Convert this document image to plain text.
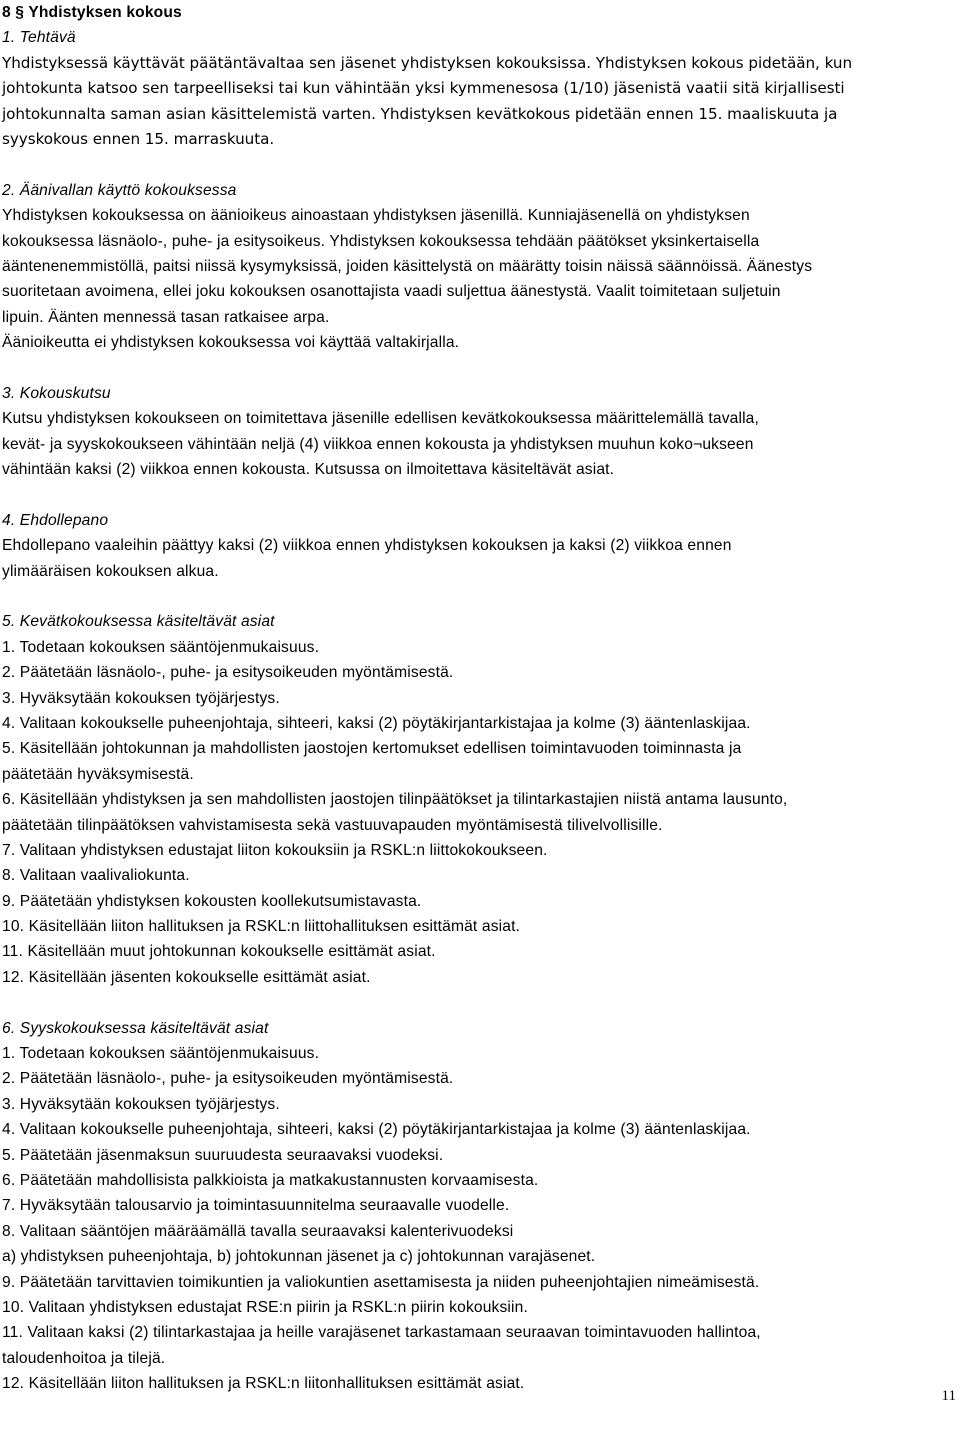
8 § Yhdistyksen kokous
1. Tehtävä
Yhdistyksessä käyttävät päätäntävaltaa sen jäsenet yhdistyksen kokouksissa. Yhdistyksen kokous pidetään, kun
johtokunta katsoo sen tarpeelliseksi tai kun vähintään yksi kymmenesosa (1/10) jäsenistä vaatii sitä kirjallisesti
johtokunnalta saman asian käsittelemistä varten. Yhdistyksen kevätkokous pidetään ennen 15. maaliskuuta ja
syyskokous ennen 15. marraskuuta.
2. Äänivallan käyttö kokouksessa
Yhdistyksen kokouksessa on äänioikeus ainoastaan yhdistyksen jäsenillä. Kunniajäsenellä on yhdistyksen
kokouksessa läsnäolo-, puhe- ja esitysoikeus. Yhdistyksen kokouksessa tehdään päätökset yksinkertaisella
ääntenenemmistöllä, paitsi niissä kysymyksissä, joiden käsittelystä on määrätty toisin näissä säännöissä. Äänestys
suoritetaan avoimena, ellei joku kokouksen osanottajista vaadi suljettua äänestystä. Vaalit toimitetaan suljetuin
lipuin. Äänten mennessä tasan ratkaisee arpa.
Äänioikeutta ei yhdistyksen kokouksessa voi käyttää valtakirjalla.
3. Kokouskutsu
Kutsu yhdistyksen kokoukseen on toimitettava jäsenille edellisen kevätkokouksessa määrittelemällä tavalla,
kevät- ja syyskokoukseen vähintään neljä (4) viikkoa ennen kokousta ja yhdistyksen muuhun koko¬ukseen
vähintään kaksi (2) viikkoa ennen kokousta. Kutsussa on ilmoitettava käsiteltävät asiat.
4. Ehdollepano
Ehdollepano vaaleihin päättyy kaksi (2) viikkoa ennen yhdistyksen kokouksen ja kaksi (2) viikkoa ennen
ylimääräisen kokouksen alkua.
5. Kevätkokouksessa käsiteltävät asiat
1. Todetaan kokouksen sääntöjenmukaisuus.
2. Päätetään läsnäolo-, puhe- ja esitysoikeuden myöntämisestä.
3. Hyväksytään kokouksen työjärjestys.
4. Valitaan kokoukselle puheenjohtaja, sihteeri, kaksi (2) pöytäkirjantarkistajaa ja kolme (3) ääntenlaskijaa.
5. Käsitellään johtokunnan ja mahdollisten jaostojen kertomukset edellisen toimintavuoden toiminnasta ja
päätetään hyväksymisestä.
6. Käsitellään yhdistyksen ja sen mahdollisten jaostojen tilinpäätökset ja tilintarkastajien niistä antama lausunto,
päätetään tilinpäätöksen vahvistamisesta sekä vastuuvapauden myöntämisestä tilivelvollisille.
7. Valitaan yhdistyksen edustajat liiton kokouksiin ja RSKL:n liittokokoukseen.
8. Valitaan vaalivaliokunta.
9. Päätetään yhdistyksen kokousten koollekutsumistavasta.
10. Käsitellään liiton hallituksen ja RSKL:n liittohallituksen esittämät asiat.
11. Käsitellään muut johtokunnan kokoukselle esittämät asiat.
12. Käsitellään jäsenten kokoukselle esittämät asiat.
6. Syyskokouksessa käsiteltävät asiat
1. Todetaan kokouksen sääntöjenmukaisuus.
2. Päätetään läsnäolo-, puhe- ja esitysoikeuden myöntämisestä.
3. Hyväksytään kokouksen työjärjestys.
4. Valitaan kokoukselle puheenjohtaja, sihteeri, kaksi (2) pöytäkirjantarkistajaa ja kolme (3) ääntenlaskijaa.
5. Päätetään jäsenmaksun suuruudesta seuraavaksi vuodeksi.
6. Päätetään mahdollisista palkkioista ja matkakustannusten korvaamisesta.
7. Hyväksytään talousarvio ja toimintasuunnitelma seuraavalle vuodelle.
8. Valitaan sääntöjen määräämällä tavalla seuraavaksi kalenterivuodeksi
a) yhdistyksen puheenjohtaja, b) johtokunnan jäsenet ja c) johtokunnan varajäsenet.
9. Päätetään tarvittavien toimikuntien ja valiokuntien asettamisesta ja niiden puheenjohtajien nimeämisestä.
10. Valitaan yhdistyksen edustajat RSE:n piirin ja RSKL:n piirin kokouksiin.
11. Valitaan kaksi (2) tilintarkastajaa ja heille varajäsenet tarkastamaan seuraavan toimintavuoden hallintoa,
taloudenhoitoa ja tilejä.
12. Käsitellään liiton hallituksen ja RSKL:n liitonhallituksen esittämät asiat.
11
